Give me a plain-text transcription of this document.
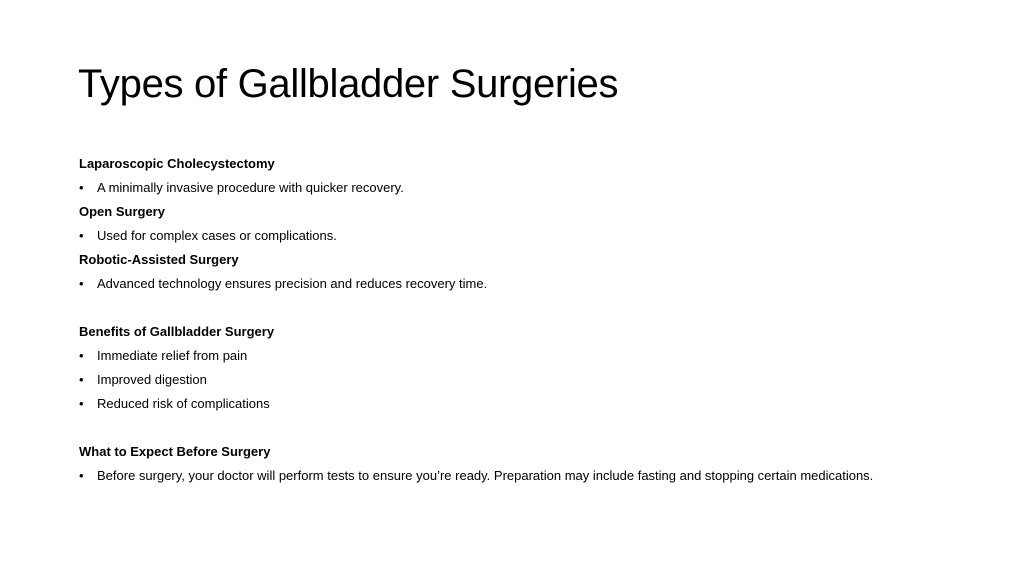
Types of Gallbladder Surgeries
Laparoscopic Cholecystectomy
• A minimally invasive procedure with quicker recovery.
Open Surgery
• Used for complex cases or complications.
Robotic-Assisted Surgery
• Advanced technology ensures precision and reduces recovery time.
Benefits of Gallbladder Surgery
• Immediate relief from pain
• Improved digestion
• Reduced risk of complications
What to Expect Before Surgery
• Before surgery, your doctor will perform tests to ensure you’re ready. Preparation may include fasting and stopping certain medications.
